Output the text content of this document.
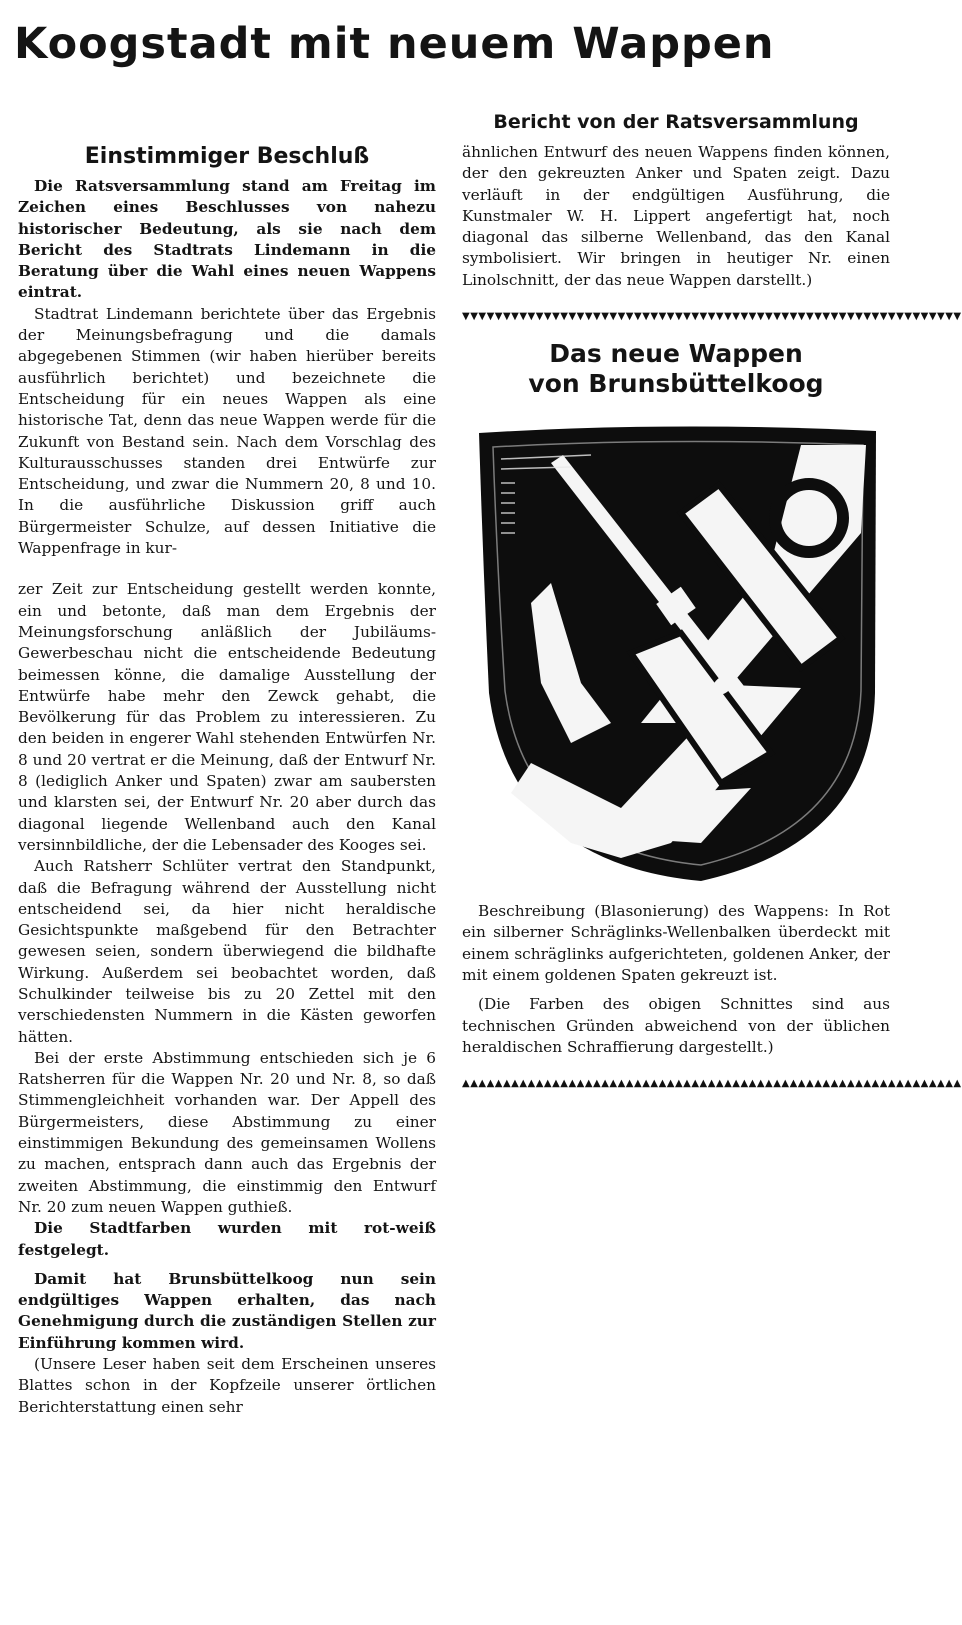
Koogstadt mit neuem Wappen
Einstimmiger Beschluß

Die Ratsversammlung stand am Freitag im Zeichen eines Beschlusses von nahezu historischer Bedeutung, als sie nach dem Bericht des Stadtrats Lindemann in die Beratung über die Wahl eines neuen Wappens eintrat.

Stadtrat Lindemann berichtete über das Ergebnis der Meinungsbefragung und die damals abgegebenen Stimmen (wir haben hierüber bereits ausführlich berichtet) und bezeichnete die Entscheidung für ein neues Wappen als eine historische Tat, denn das neue Wappen werde für die Zukunft von Bestand sein. Nach dem Vorschlag des Kulturausschusses standen drei Entwürfe zur Entscheidung, und zwar die Nummern 20, 8 und 10. In die ausführliche Diskussion griff auch Bürgermeister Schulze, auf dessen Initiative die Wappenfrage in kur-

zer Zeit zur Entscheidung gestellt werden konnte, ein und betonte, daß man dem Ergebnis der Meinungsforschung anläßlich der Jubiläums-Gewerbeschau nicht die entscheidende Bedeutung beimessen könne, die damalige Ausstellung der Entwürfe habe mehr den Zewck gehabt, die Bevölkerung für das Problem zu interessieren. Zu den beiden in engerer Wahl stehenden Entwürfen Nr. 8 und 20 vertrat er die Meinung, daß der Entwurf Nr. 8 (lediglich Anker und Spaten) zwar am saubersten und klarsten sei, der Entwurf Nr. 20 aber durch das diagonal liegende Wellenband auch den Kanal versinnbildliche, der die Lebensader des Kooges sei.

Auch Ratsherr Schlüter vertrat den Standpunkt, daß die Befragung während der Ausstellung nicht entscheidend sei, da hier nicht heraldische Gesichtspunkte maßgebend für den Betrachter gewesen seien, sondern überwiegend die bildhafte Wirkung. Außerdem sei beobachtet worden, daß Schulkinder teilweise bis zu 20 Zettel mit den verschiedensten Nummern in die Kästen geworfen hätten.

Bei der erste Abstimmung entschieden sich je 6 Ratsherren für die Wappen Nr. 20 und Nr. 8, so daß Stimmengleichheit vorhanden war. Der Appell des Bürgermeisters, diese Abstimmung zu einer einstimmigen Bekundung des gemeinsamen Wollens zu machen, entsprach dann auch das Ergebnis der zweiten Abstimmung, die einstimmig den Entwurf Nr. 20 zum neuen Wappen guthieß.

Die Stadtfarben wurden mit rot-weiß festgelegt.

Damit hat Brunsbüttelkoog nun sein endgültiges Wappen erhalten, das nach Genehmigung durch die zuständigen Stellen zur Einführung kommen wird.

(Unsere Leser haben seit dem Erscheinen unseres Blattes schon in der Kopfzeile unserer örtlichen Berichterstattung einen sehr

Bericht von der Ratsversammlung

ähnlichen Entwurf des neuen Wappens finden können, der den gekreuzten Anker und Spaten zeigt. Dazu verläuft in der endgültigen Ausführung, die Kunstmaler W. H. Lippert angefertigt hat, noch diagonal das silberne Wellenband, das den Kanal symbolisiert. Wir bringen in heutiger Nr. einen Linolschnitt, der das neue Wappen darstellt.)

▼▼▼▼▼▼▼▼▼▼▼▼▼▼▼▼▼▼▼▼▼▼▼▼▼▼▼▼▼▼▼▼▼▼▼▼▼▼▼▼▼▼▼▼▼▼▼▼▼▼▼▼▼▼▼▼▼▼▼▼▼
Das neue Wappen
von Brunsbüttelkoog

Beschreibung (Blasonierung) des Wappens: In Rot ein silberner Schräglinks-Wellenbalken überdeckt mit einem schräglinks aufgerichteten, goldenen Anker, der mit einem goldenen Spaten gekreuzt ist.

(Die Farben des obigen Schnittes sind aus technischen Gründen abweichend von der üblichen heraldischen Schraffierung dargestellt.)

▲▲▲▲▲▲▲▲▲▲▲▲▲▲▲▲▲▲▲▲▲▲▲▲▲▲▲▲▲▲▲▲▲▲▲▲▲▲▲▲▲▲▲▲▲▲▲▲▲▲▲▲▲▲▲▲▲▲▲▲▲
